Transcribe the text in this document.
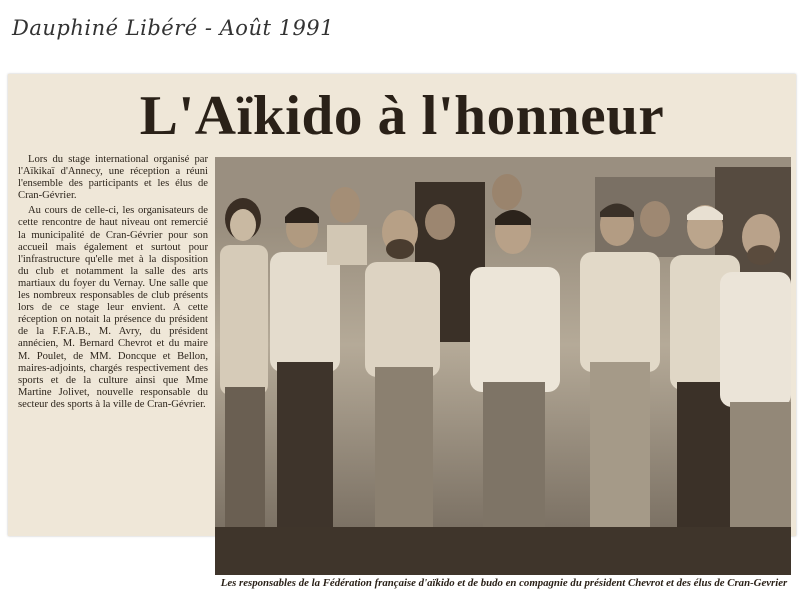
Dauphiné Libéré - Août 1991
L'Aïkido à l'honneur

Lors du stage international organisé par l'Aïkikaï d'Annecy, une réception a réuni l'ensemble des participants et les élus de Cran-Gévrier.

Au cours de celle-ci, les organisateurs de cette rencontre de haut niveau ont remercié la municipalité de Cran-Gévrier pour son accueil mais également et surtout pour l'infrastructure qu'elle met à la disposition du club et notamment la salle des arts martiaux du foyer du Vernay. Une salle que les nombreux responsables de club présents lors de ce stage leur envient. A cette réception on notait la présence du président de la F.F.A.B., M. Avry, du président annécien, M. Bernard Chevrot et du maire M. Poulet, de MM. Doncque et Bellon, maires-adjoints, chargés respectivement des sports et de la culture ainsi que Mme Martine Jolivet, nouvelle responsable du secteur des sports à la ville de Cran-Gévrier.

Les responsables de la Fédération française d'aïkido et de budo en compagnie du président Chevrot et des élus de Cran-Gevrier
